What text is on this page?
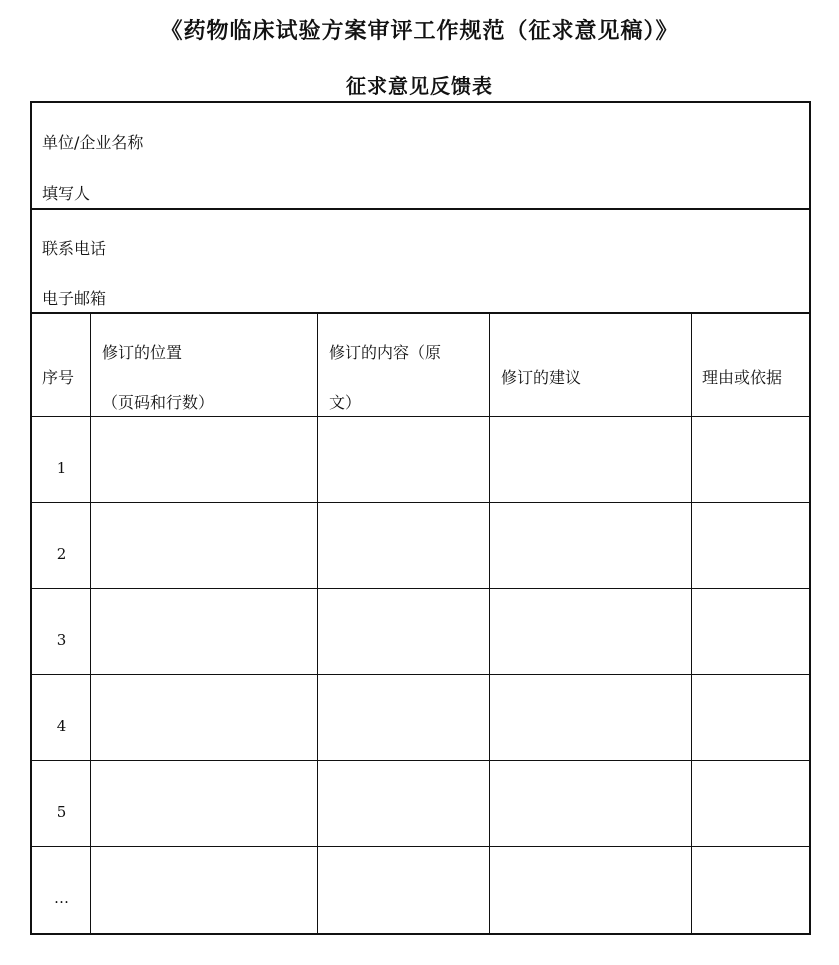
《药物临床试验方案审评工作规范（征求意见稿）》
征求意见反馈表
单位/企业名称
填写人
联系电话
电子邮箱
序号
修订的位置
（页码和行数）
修订的内容（原
文）
修订的建议	理由或依据
1
2
3
4
5
…
